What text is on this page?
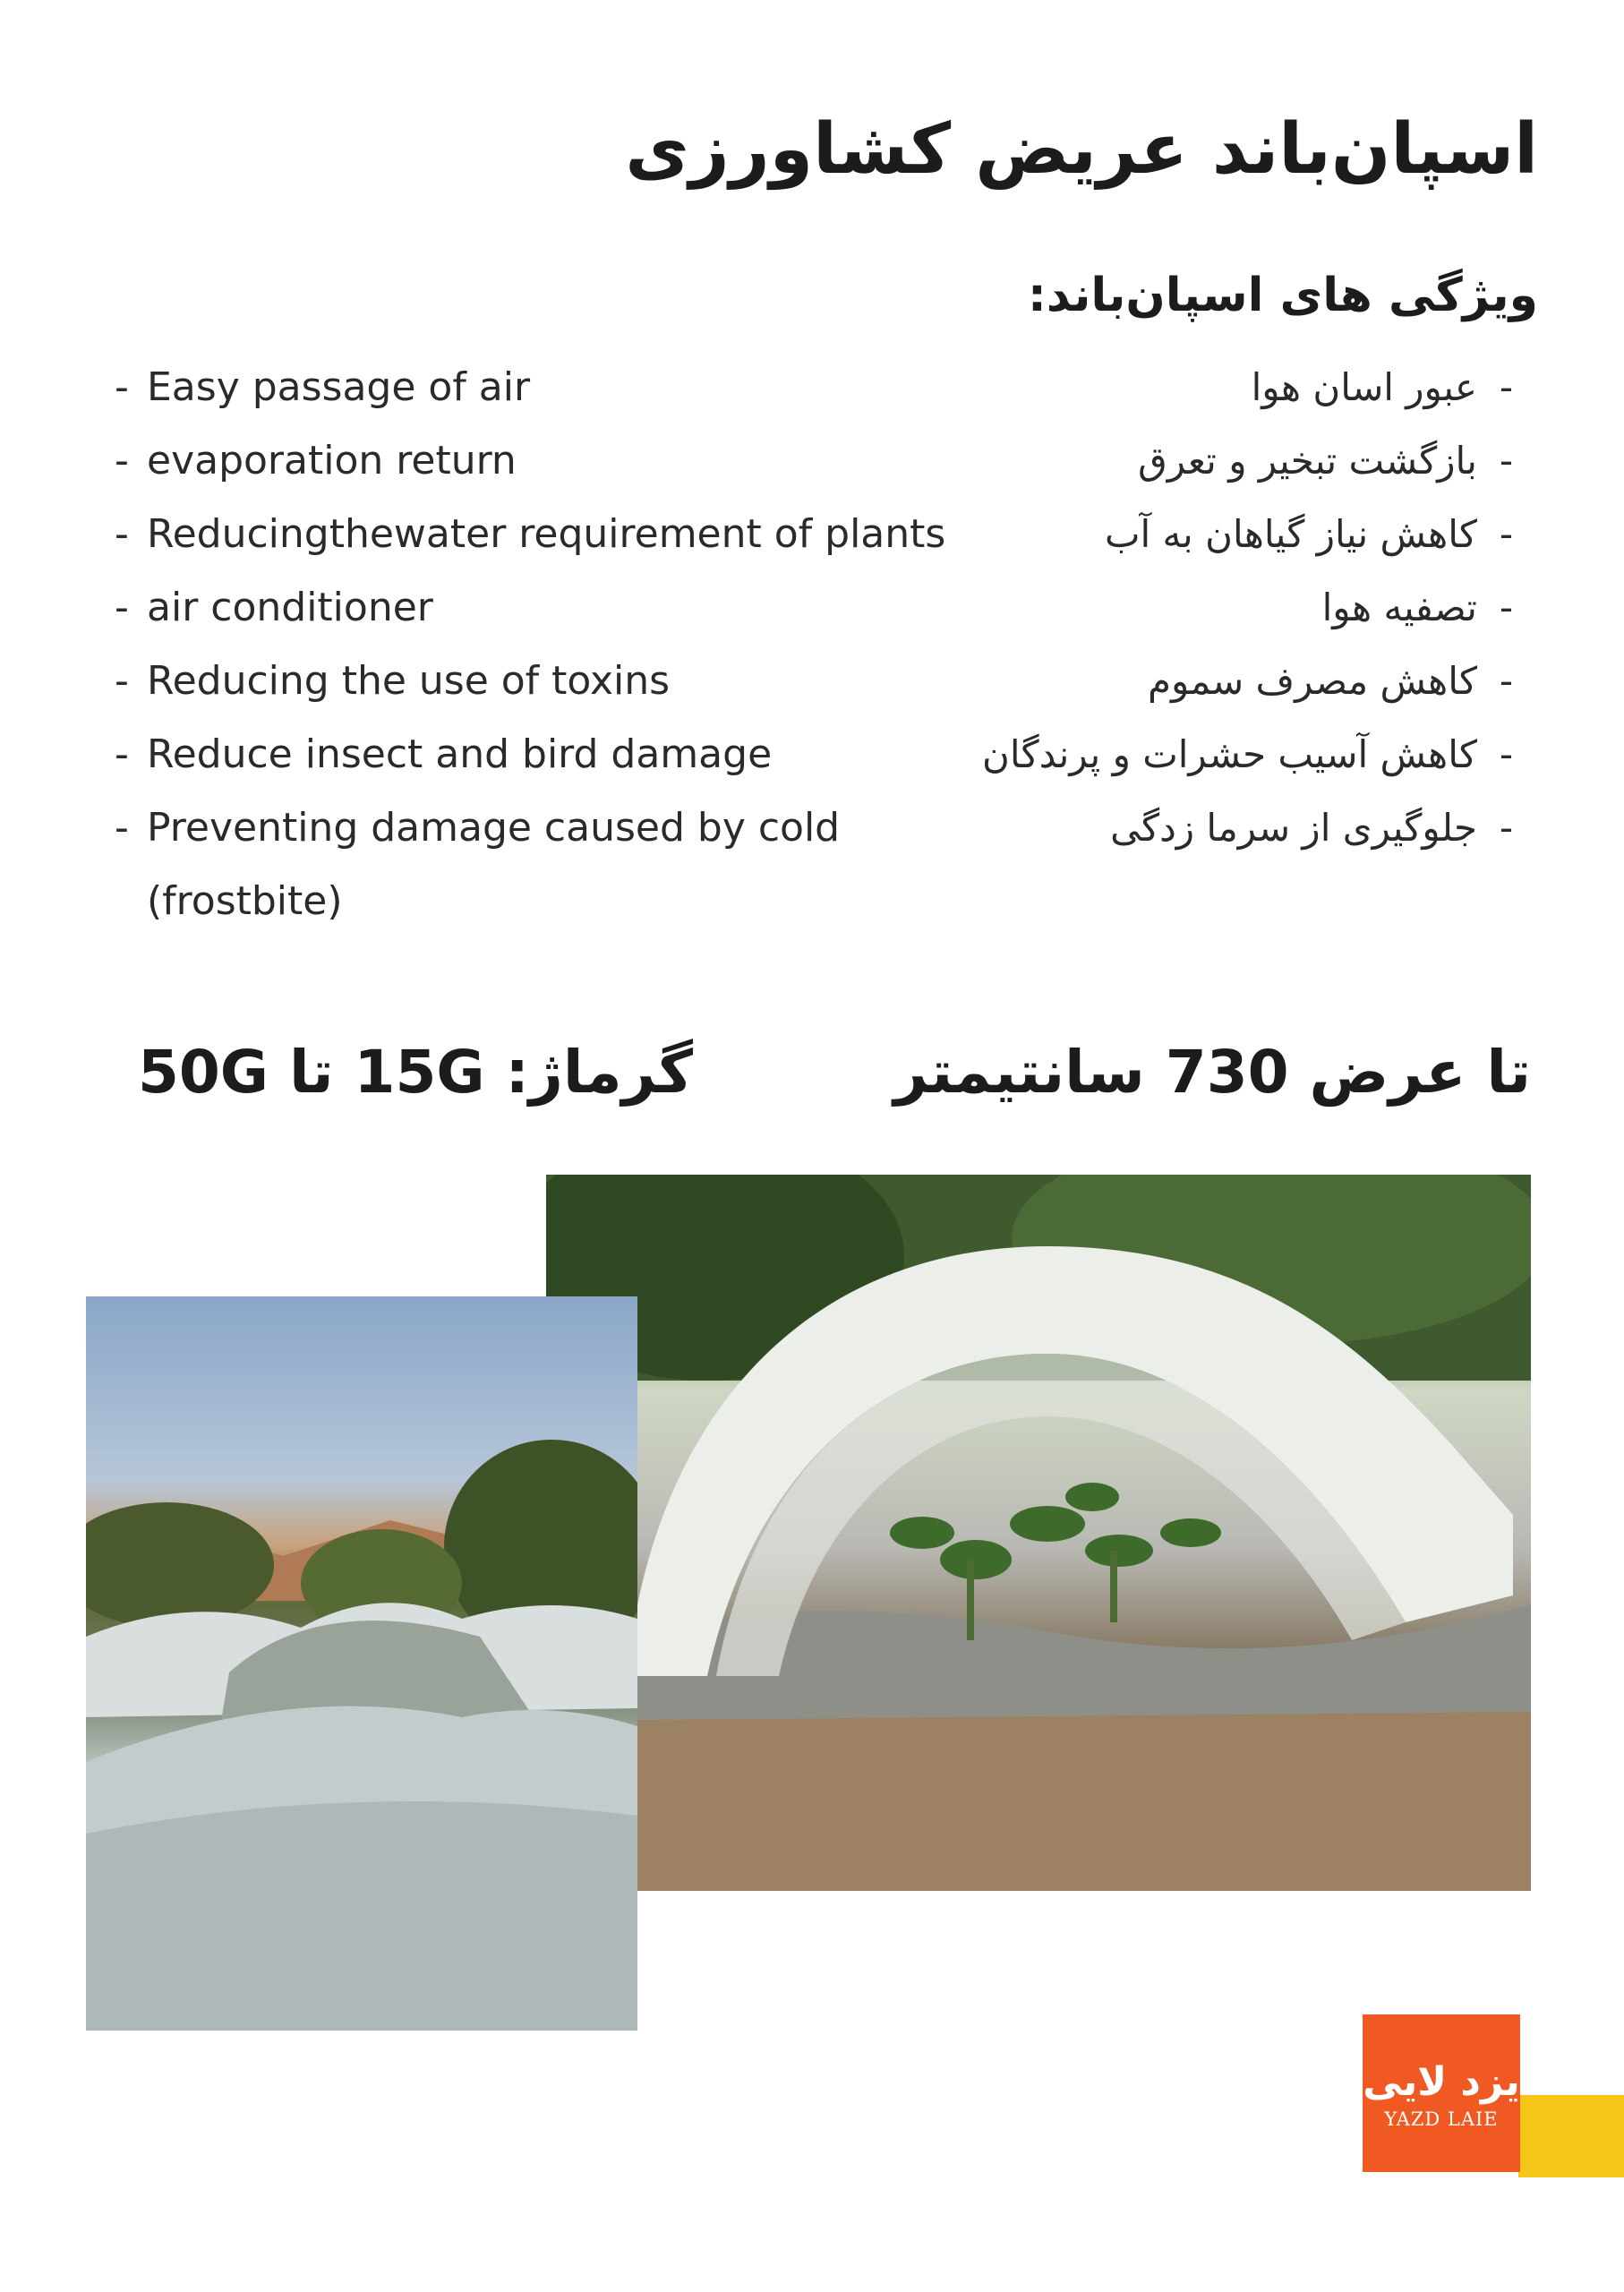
اسپان‌باند عریض کشاورزی
ویژگی های اسپان‌باند:
- Easy passage of air
- evaporation return
- Reducingthewater requirement of plants
- air conditioner
- Reducing the use of toxins
- Reduce insect and bird damage
- Preventing damage caused by cold (frostbite)
- عبور اسان هوا
- بازگشت تبخیر و تعرق
- کاهش نیاز گیاهان به آب
- تصفیه هوا
- کاهش مصرف سموم
- کاهش آسیب حشرات و پرندگان
- جلوگیری از سرما زدگی
تا عرض 730 سانتیمتر
گرماژ: 15G تا 50G
یزد لایی
YAZD LAIE
